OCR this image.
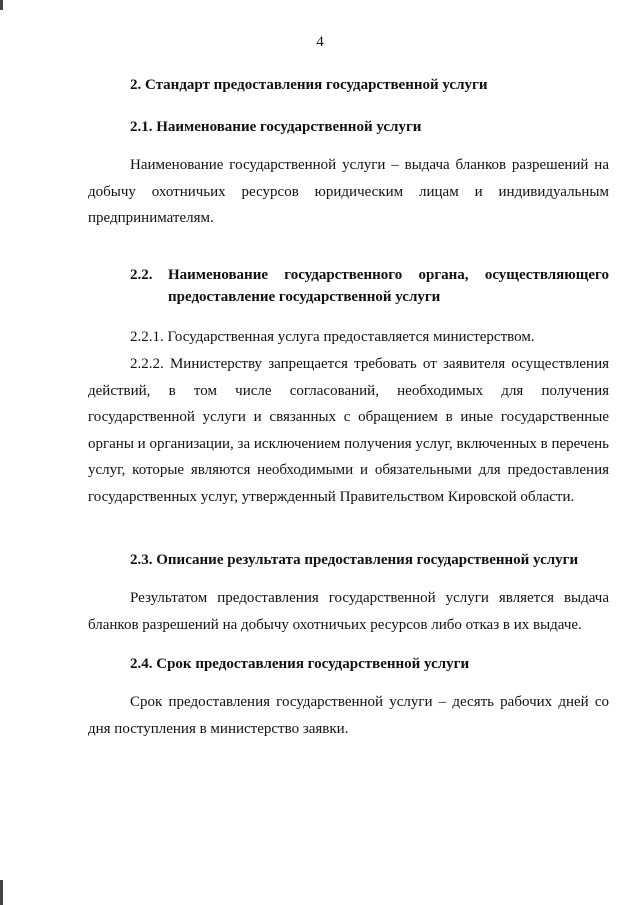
4
2. Стандарт предоставления государственной услуги
2.1. Наименование государственной услуги

Наименование государственной услуги – выдача бланков разрешений на добычу охотничьих ресурсов юридическим лицам и индивидуальным предпринимателям.

2.2. Наименование государственного органа, осуществляющего предоставление государственной услуги

2.2.1. Государственная услуга предоставляется министерством.

2.2.2. Министерству запрещается требовать от заявителя осуществления действий, в том числе согласований, необходимых для получения государственной услуги и связанных с обращением в иные государственные органы и организации, за исключением получения услуг, включенных в перечень услуг, которые являются необходимыми и обязательными для предоставления государственных услуг, утвержденный Правительством Кировской области.

2.3. Описание результата предоставления государственной услуги

Результатом предоставления государственной услуги является выдача бланков разрешений на добычу охотничьих ресурсов либо отказ в их выдаче.

2.4. Срок предоставления государственной услуги

Срок предоставления государственной услуги – десять рабочих дней со дня поступления в министерство заявки.
